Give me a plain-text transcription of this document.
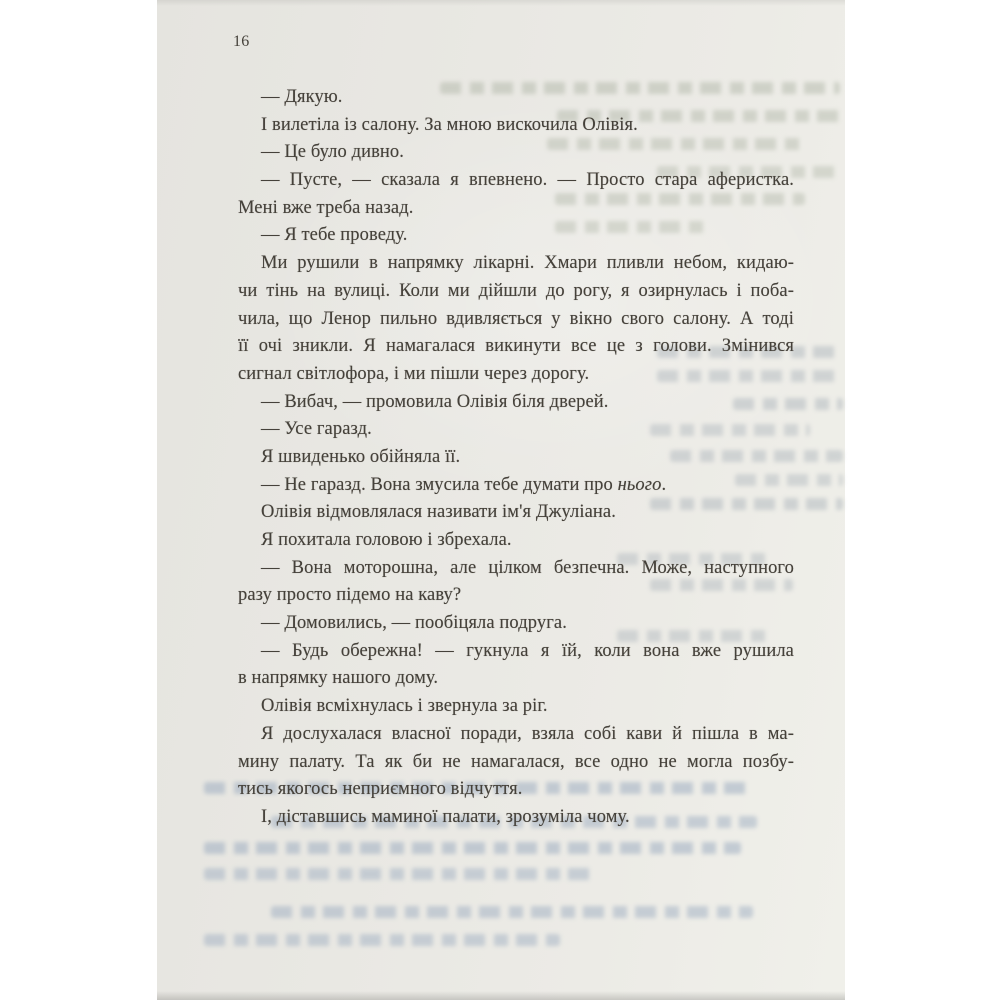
16
— Дякую.
І вилетіла із салону. За мною вискочила Олівія.
— Це було дивно.
— Пусте, — сказала я впевнено. — Просто стара аферистка.
Мені вже треба назад.
— Я тебе проведу.
Ми рушили в напрямку лікарні. Хмари пливли небом, кидаю-
чи тінь на вулиці. Коли ми дійшли до рогу, я озирнулась і поба-
чила, що Ленор пильно вдивляється у вікно свого салону. А тоді
її очі зникли. Я намагалася викинути все це з голови. Змінився
сигнал світлофора, і ми пішли через дорогу.
— Вибач, — промовила Олівія біля дверей.
— Усе гаразд.
Я швиденько обійняла її.
— Не гаразд. Вона змусила тебе думати про нього.
Олівія відмовлялася називати ім'я Джуліана.
Я похитала головою і збрехала.
— Вона моторошна, але цілком безпечна. Може, наступного
разу просто підемо на каву?
— Домовились, — пообіцяла подруга.
— Будь обережна! — гукнула я їй, коли вона вже рушила
в напрямку нашого дому.
Олівія всміхнулась і звернула за ріг.
Я дослухалася власної поради, взяла собі кави й пішла в ма-
мину палату. Та як би не намагалася, все одно не могла позбу-
тись якогось неприємного відчуття.
І, діставшись маминої палати, зрозуміла чому.
